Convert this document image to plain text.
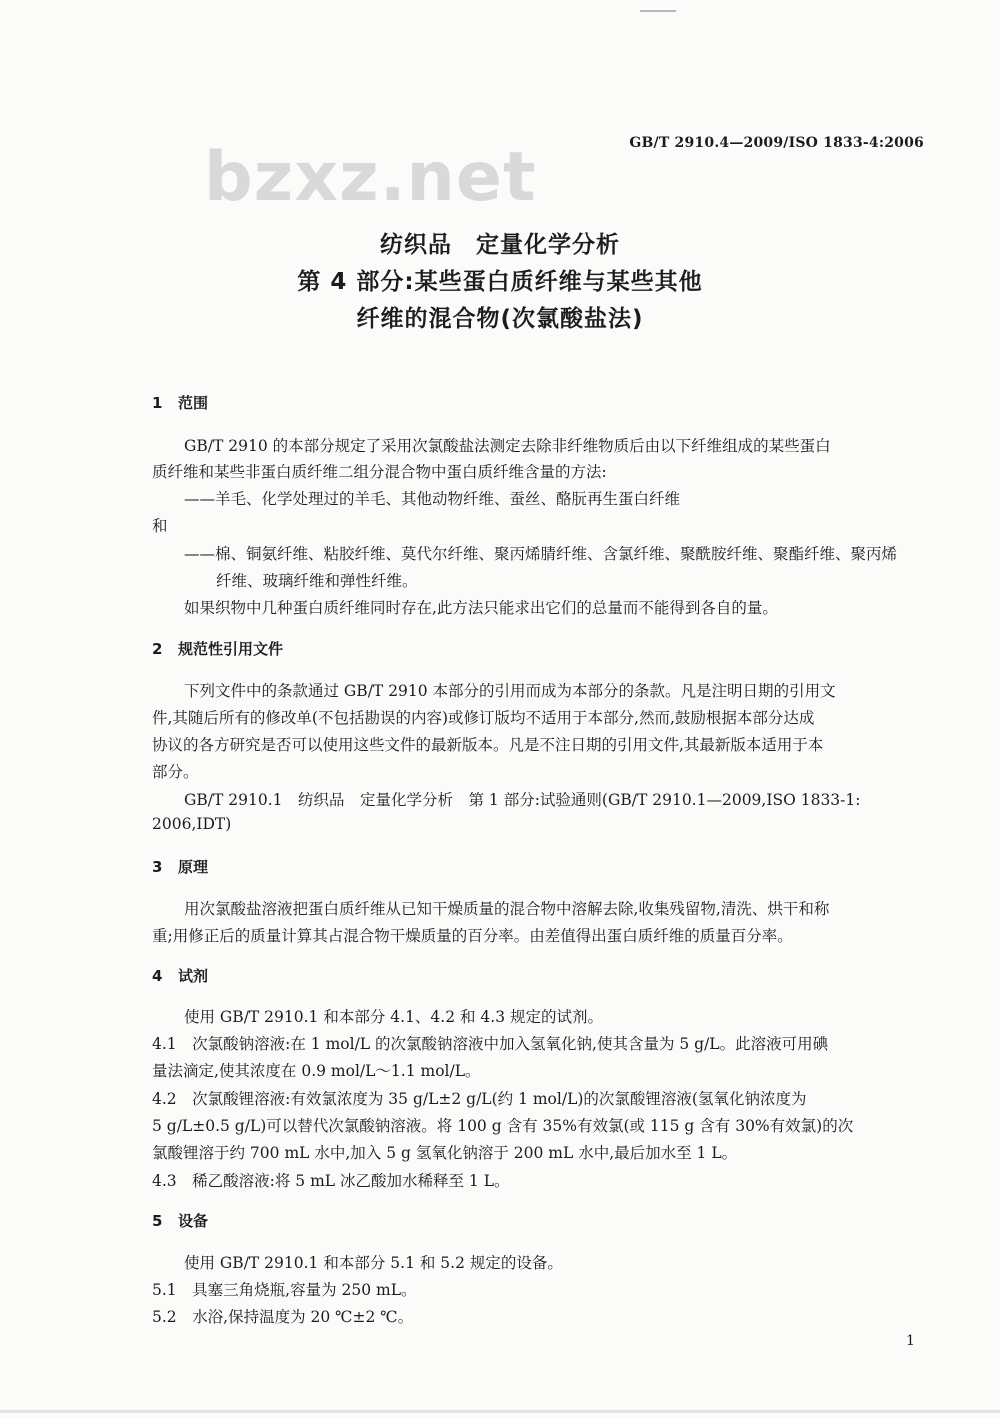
GB/T 2910.4—2009/ISO 1833-4:2006
bzxz.net
纺织品　定量化学分析
第 4 部分:某些蛋白质纤维与某些其他
纤维的混合物(次氯酸盐法)
1 范围
GB/T 2910 的本部分规定了采用次氯酸盐法测定去除非纤维物质后由以下纤维组成的某些蛋白
质纤维和某些非蛋白质纤维二组分混合物中蛋白质纤维含量的方法:
——羊毛、化学处理过的羊毛、其他动物纤维、蚕丝、酪朊再生蛋白纤维
和
——棉、铜氨纤维、粘胶纤维、莫代尔纤维、聚丙烯腈纤维、含氯纤维、聚酰胺纤维、聚酯纤维、聚丙烯
纤维、玻璃纤维和弹性纤维。
如果织物中几种蛋白质纤维同时存在,此方法只能求出它们的总量而不能得到各自的量。
2 规范性引用文件
下列文件中的条款通过 GB/T 2910 本部分的引用而成为本部分的条款。凡是注明日期的引用文
件,其随后所有的修改单(不包括勘误的内容)或修订版均不适用于本部分,然而,鼓励根据本部分达成
协议的各方研究是否可以使用这些文件的最新版本。凡是不注日期的引用文件,其最新版本适用于本
部分。
GB/T 2910.1　纺织品　定量化学分析　第 1 部分:试验通则(GB/T 2910.1—2009,ISO 1833-1:
2006,IDT)
3 原理
用次氯酸盐溶液把蛋白质纤维从已知干燥质量的混合物中溶解去除,收集残留物,清洗、烘干和称
重;用修正后的质量计算其占混合物干燥质量的百分率。由差值得出蛋白质纤维的质量百分率。
4 试剂
使用 GB/T 2910.1 和本部分 4.1、4.2 和 4.3 规定的试剂。
4.1　次氯酸钠溶液:在 1 mol/L 的次氯酸钠溶液中加入氢氧化钠,使其含量为 5 g/L。此溶液可用碘
量法滴定,使其浓度在 0.9 mol/L～1.1 mol/L。
4.2　次氯酸锂溶液:有效氯浓度为 35 g/L±2 g/L(约 1 mol/L)的次氯酸锂溶液(氢氧化钠浓度为
5 g/L±0.5 g/L)可以替代次氯酸钠溶液。将 100 g 含有 35%有效氯(或 115 g 含有 30%有效氯)的次
氯酸锂溶于约 700 mL 水中,加入 5 g 氢氧化钠溶于 200 mL 水中,最后加水至 1 L。
4.3　稀乙酸溶液:将 5 mL 冰乙酸加水稀释至 1 L。
5 设备
使用 GB/T 2910.1 和本部分 5.1 和 5.2 规定的设备。
5.1　具塞三角烧瓶,容量为 250 mL。
5.2　水浴,保持温度为 20 ℃±2 ℃。
1
